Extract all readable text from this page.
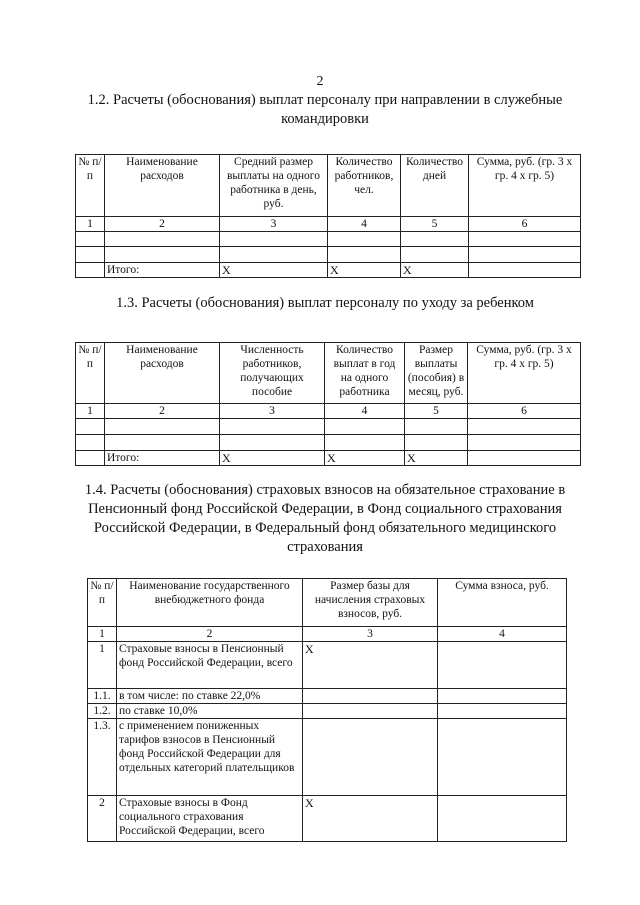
2
1.2. Расчеты (обоснования) выплат персоналу при направлении в служебные командировки
№ п/п	Наименование расходов	Средний размер выплаты на одного работника в день, руб.	Количество работников, чел.	Количество дней	Сумма, руб. (гр. 3 х гр. 4 х гр. 5)
1	2	3	4	5	6

	Итого:	X	X	X	
1.3. Расчеты (обоснования) выплат персоналу по уходу за ребенком
№ п/п	Наименование расходов	Численность работников, получающих пособие	Количество выплат в год на одного работника	Размер выплаты (пособия) в месяц, руб.	Сумма, руб. (гр. 3 х гр. 4 х гр. 5)
1	2	3	4	5	6

	Итого:	X	X	X	
1.4. Расчеты (обоснования) страховых взносов на обязательное страхование в Пенсионный фонд Российской Федерации, в Фонд социального страхования Российской Федерации, в Федеральный фонд обязательного медицинского страхования
№ п/п	Наименование государственного внебюджетного фонда	Размер базы для начисления страховых взносов, руб.	Сумма взноса, руб.
1	2	3	4
1	Страховые взносы в Пенсионный фонд Российской Федерации, всего	X	
1.1.	в том числе: по ставке 22,0%		
1.2.	по ставке 10,0%		
1.3.	с применением пониженных тарифов взносов в Пенсионный фонд Российской Федерации для отдельных категорий плательщиков		
2	Страховые взносы в Фонд социального страхования Российской Федерации, всего	X	
